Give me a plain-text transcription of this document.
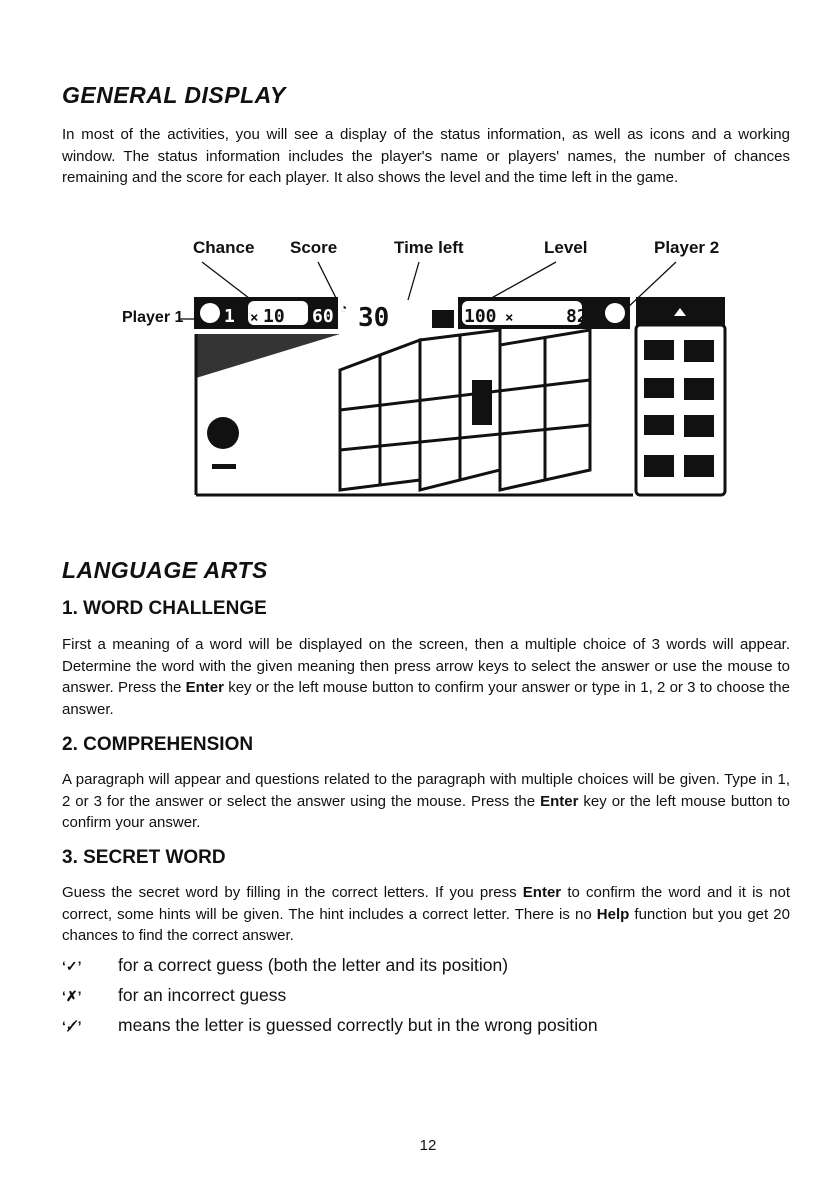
GENERAL DISPLAY

In most of the activities, you will see a display of the status information, as well as icons and a working window. The status information includes the player's name or players' names, the number of chances remaining and the score for each player. It also shows the level and the time left in the game.

Chance Score	Time left	Level	Player 2
Player 1 1 × 10 60 ◔ 30	100 ×	82
LANGUAGE ARTS
1. WORD CHALLENGE

First a meaning of a word will be displayed on the screen, then a multiple choice of 3 words will appear. Determine the word with the given meaning then press arrow keys to select the answer or use the mouse to answer. Press the Enter key or the left mouse button to confirm your answer or type in 1, 2 or 3 to choose the answer.

2. COMPREHENSION

A paragraph will appear and questions related to the paragraph with multiple choices will be given. Type in 1, 2 or 3 for the answer or select the answer using the mouse. Press the Enter key or the left mouse button to confirm your answer.

3. SECRET WORD

Guess the secret word by filling in the correct letters. If you press Enter to confirm the word and it is not correct, some hints will be given. The hint includes a correct letter. There is no Help function but you get 20 chances to find the correct answer.

‘✓’ for a correct guess (both the letter and its position)
‘✗’ for an incorrect guess
‘✓̸’ means the letter is guessed correctly but in the wrong position
12
